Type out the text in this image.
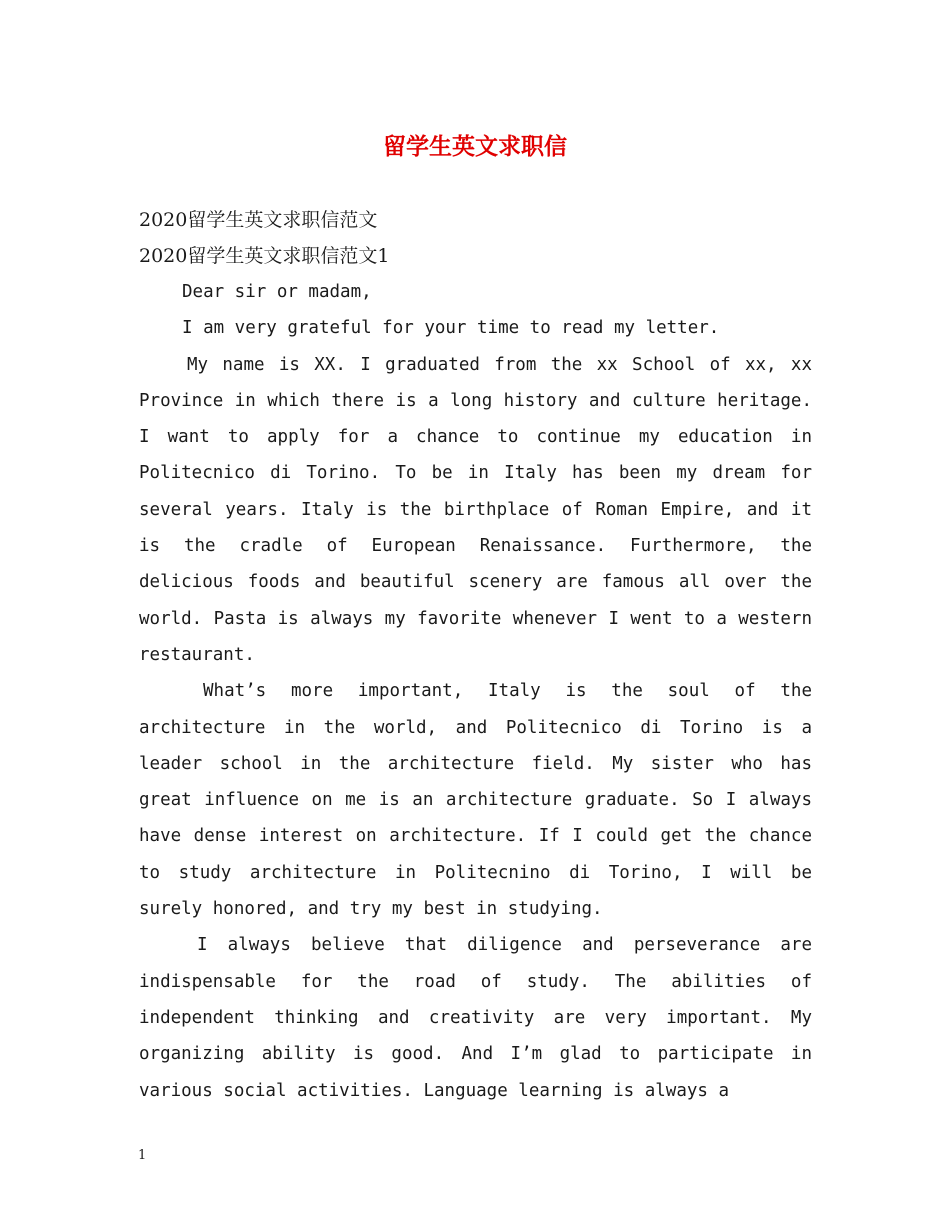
留学生英文求职信

2020留学生英文求职信范文

2020留学生英文求职信范文1

Dear sir or madam,

I am very grateful for your time to read my letter.

My name is XX. I graduated from the xx School of xx, xx Province in which there is a long history and culture heritage. I want to apply for a chance to continue my education in Politecnico di Torino. To be in Italy has been my dream for several years. Italy is the birthplace of Roman Empire, and it is the cradle of European Renaissance. Furthermore, the delicious foods and beautiful scenery are famous all over the world. Pasta is always my favorite whenever I went to a western restaurant.

What’s more important, Italy is the soul of the architecture in the world, and Politecnico di Torino is a leader school in the architecture field. My sister who has great influence on me is an architecture graduate. So I always have dense interest on architecture. If I could get the chance to study architecture in Politecnino di Torino, I will be surely honored, and try my best in studying.

I always believe that diligence and perseverance are indispensable for the road of study. The abilities of independent thinking and creativity are very important. My organizing ability is good. And I’m glad to participate in various social activities. Language learning is always a

1
